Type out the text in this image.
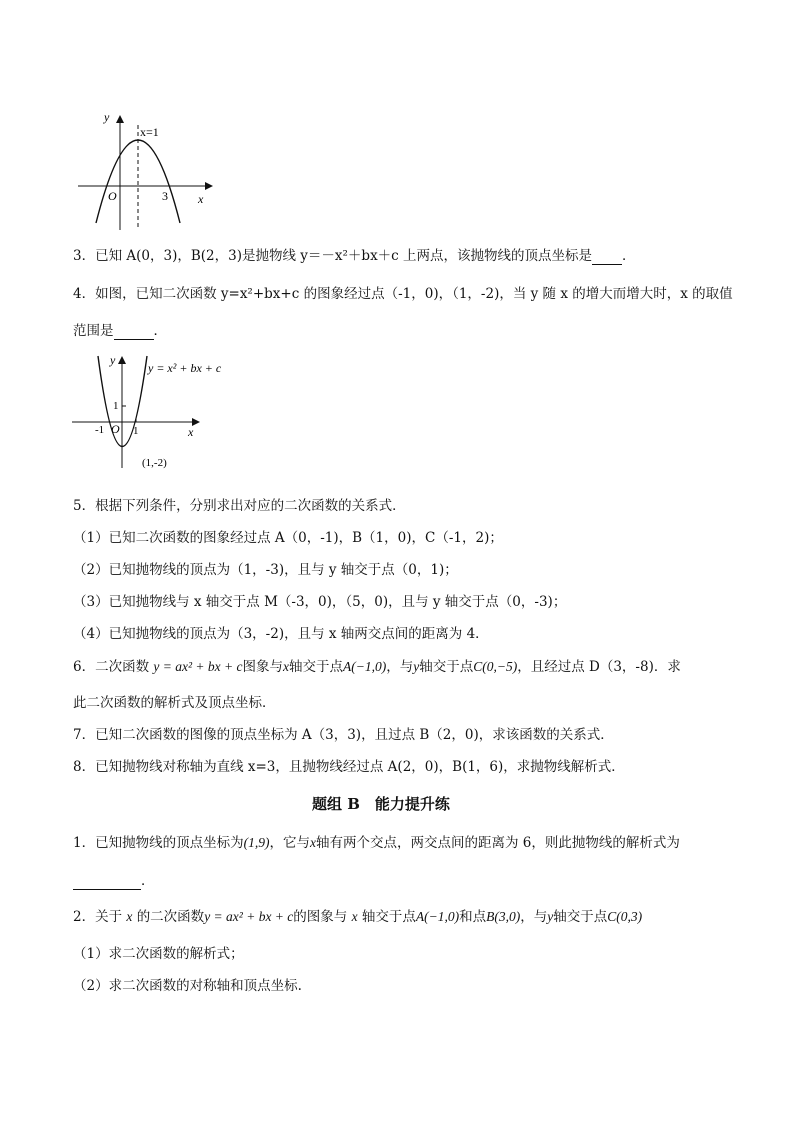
y
x
O
x=1
3
3．已知 A(0，3)，B(2，3)是抛物线 y＝－x²＋bx＋c 上两点，该抛物线的顶点坐标是 ．
4．如图，已知二次函数 y=x²+bx+c 的图象经过点（-1，0)，（1，-2)，当 y 随 x 的增大而增大时，x 的取值
范围是	．
y = x² + bx + c
y
x
O
-1	1
1
(1,-2)
5．根据下列条件，分别求出对应的二次函数的关系式．
（1）已知二次函数的图象经过点 A（0，-1)，B（1，0)，C（-1，2)；
（2）已知抛物线的顶点为（1，-3)，且与 y 轴交于点（0，1)；
（3）已知抛物线与 x 轴交于点 M（-3，0)，（5，0)，且与 y 轴交于点（0，-3)；
（4）已知抛物线的顶点为（3，-2)，且与 x 轴两交点间的距离为 4．
6．二次函数 y = ax² + bx + c图象与x轴交于点A(−1,0)，与y轴交于点C(0,−5)，且经过点 D（3，-8)．求
此二次函数的解析式及顶点坐标．
7．已知二次函数的图像的顶点坐标为 A（3，3)，且过点 B（2，0)，求该函数的关系式．
8．已知抛物线对称轴为直线 x=3，且抛物线经过点 A(2，0)，B(1，6)，求抛物线解析式．
题组 B　能力提升练
1．已知抛物线的顶点坐标为(1,9)，它与x轴有两个交点，两交点间的距离为 6，则此抛物线的解析式为
．
2．关于 x 的二次函数y = ax² + bx + c的图象与 x 轴交于点A(−1,0)和点B(3,0)，与y轴交于点C(0,3)
（1）求二次函数的解析式；
（2）求二次函数的对称轴和顶点坐标.
